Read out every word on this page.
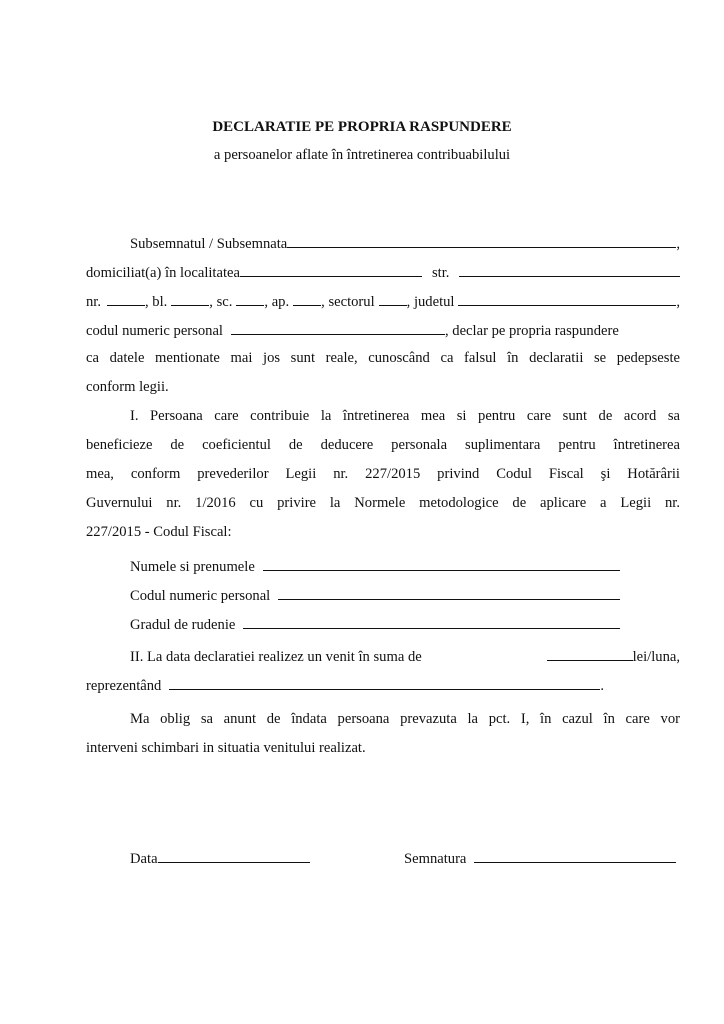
DECLARATIE PE PROPRIA RASPUNDERE
a persoanelor aflate în întretinerea contribuabilului
Subsemnatul / Subsemnata	,
domiciliat(a) în localitatea	str.
nr.	, bl.	, sc. , ap. , sectorul , judetul	,
codul numeric personal	, declar pe propria raspundere
ca datele mentionate mai jos sunt reale, cunoscând ca falsul în declaratii se pedepseste
conform legii.
I. Persoana care contribuie la întretinerea mea si pentru care sunt de acord sa
beneficieze de coeficientul de deducere personala suplimentara pentru întretinerea
mea, conform prevederilor Legii nr. 227/2015 privind Codul Fiscal şi Hotărârii
Guvernului nr. 1/2016 cu privire la Normele metodologice de aplicare a Legii nr.
227/2015 - Codul Fiscal:
Numele si prenumele
Codul numeric personal
Gradul de rudenie
II. La data declaratiei realizez un venit în suma de	lei/luna,
reprezentând	.
Ma oblig sa anunt de îndata persoana prevazuta la pct. I, în cazul în care vor
interveni schimbari in situatia venitului realizat.
Data	Semnatura
